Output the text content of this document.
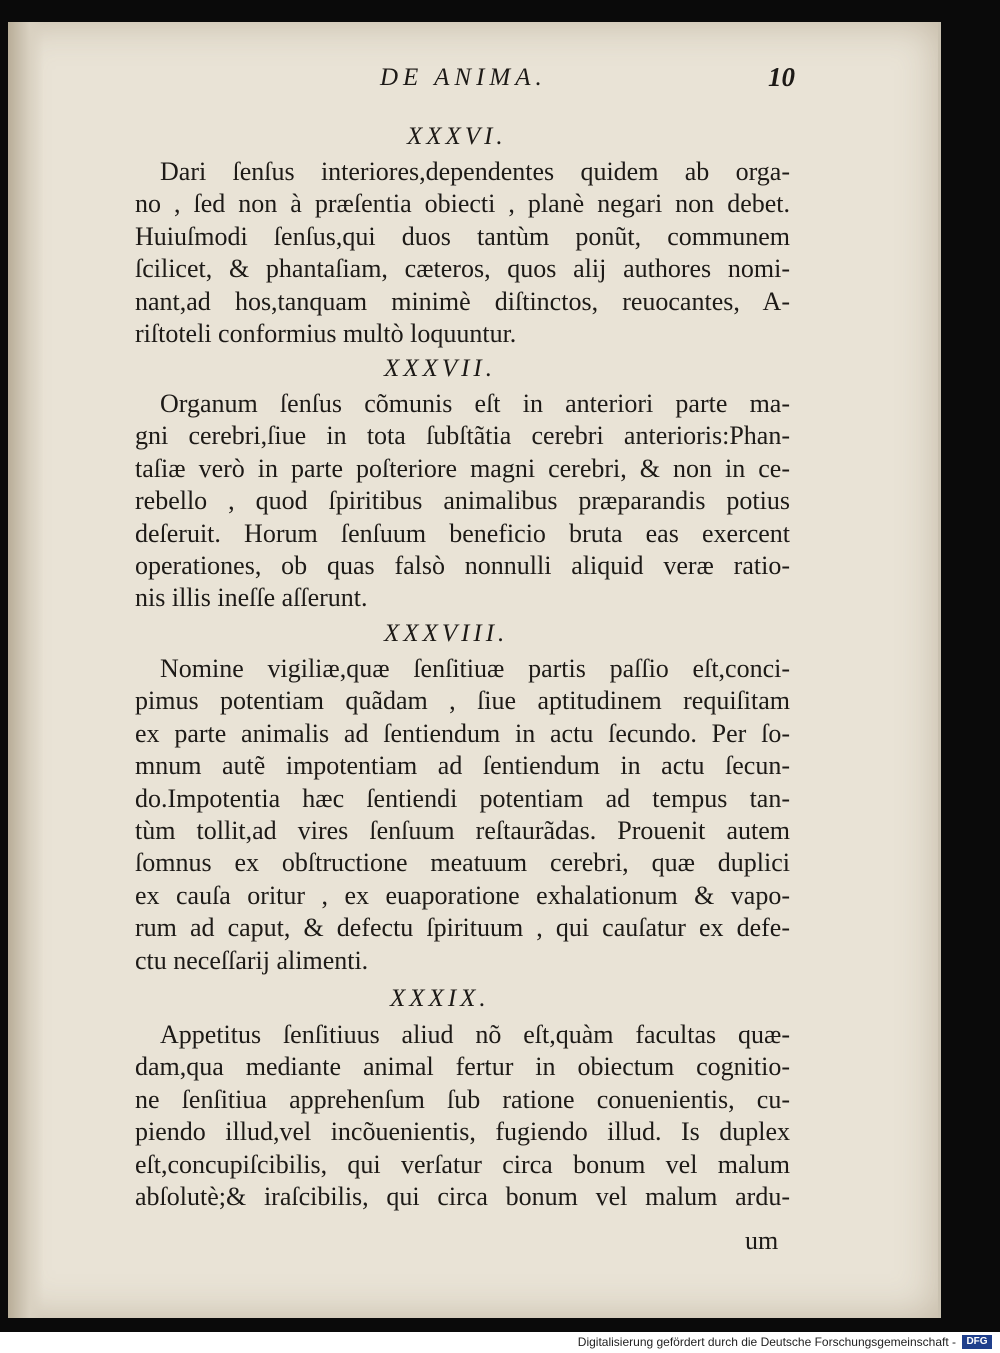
DE ANIMA.	10
XXXVI.
Dari ſenſus interiores,dependentes quidem ab orga-
no , ſed non à præſentia obiecti , planè negari non debet.
Huiuſmodi ſenſus,qui duos tantùm ponũt, communem
ſcilicet, & phantaſiam, cæteros, quos alij authores nomi-
nant,ad hos,tanquam minimè diſtinctos, reuocantes, A-
riſtoteli conformius multò loquuntur.
XXXVII.
Organum ſenſus cõmunis eſt in anteriori parte ma-
gni cerebri,ſiue in tota ſubſtãtia cerebri anterioris:Phan-
taſiæ verò in parte poſteriore magni cerebri, & non in ce-
rebello , quod ſpiritibus animalibus præparandis potius
deſeruit. Horum ſenſuum beneficio bruta eas exercent
operationes, ob quas falsò nonnulli aliquid veræ ratio-
nis illis ineſſe aſſerunt.
XXXVIII.
Nomine vigiliæ,quæ ſenſitiuæ partis paſſio eſt,conci-
pimus potentiam quãdam , ſiue aptitudinem requiſitam
ex parte animalis ad ſentiendum in actu ſecundo. Per ſo-
mnum autẽ impotentiam ad ſentiendum in actu ſecun-
do.Impotentia hæc ſentiendi potentiam ad tempus tan-
tùm tollit,ad vires ſenſuum reſtaurãdas. Prouenit autem
ſomnus ex obſtructione meatuum cerebri, quæ duplici
ex cauſa oritur , ex euaporatione exhalationum & vapo-
rum ad caput, & defectu ſpirituum , qui cauſatur ex defe-
ctu neceſſarij alimenti.
XXXIX.
Appetitus ſenſitiuus aliud nõ eſt,quàm facultas quæ-
dam,qua mediante animal fertur in obiectum cognitio-
ne ſenſitiua apprehenſum ſub ratione conuenientis, cu-
piendo illud,vel incõuenientis, fugiendo illud. Is duplex
eſt,concupiſcibilis, qui verſatur circa bonum vel malum
abſolutè;& iraſcibilis, qui circa bonum vel malum ardu-
um
Digitalisierung gefördert durch die Deutsche Forschungsgemeinschaft -	DFG
